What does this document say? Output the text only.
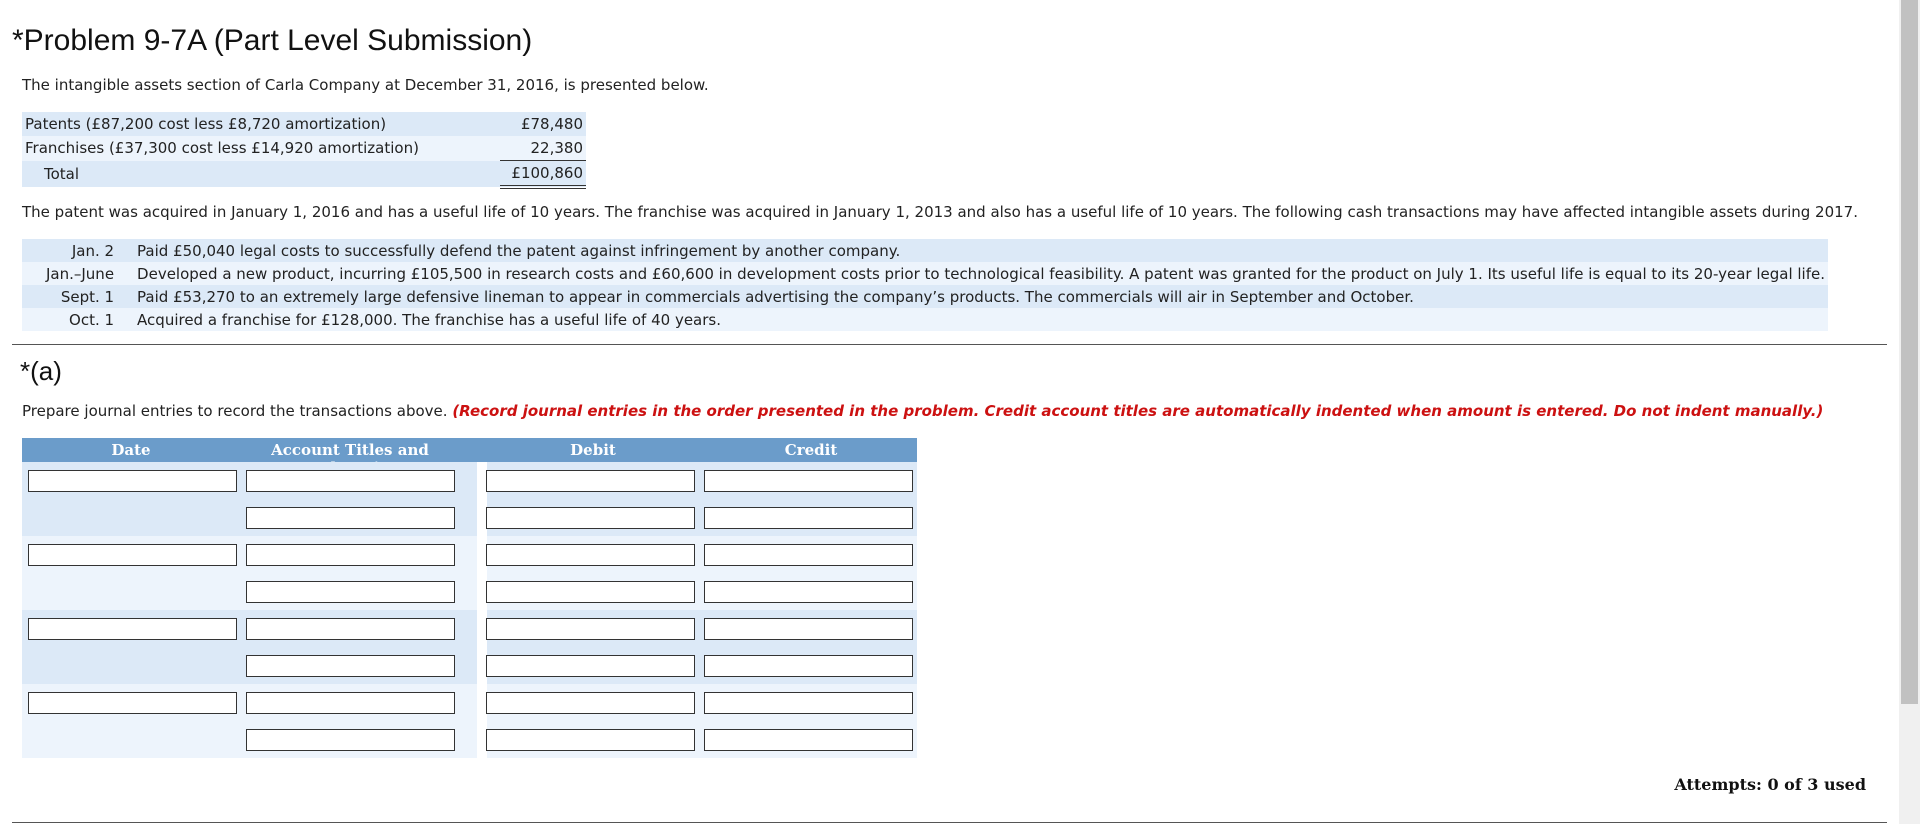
*Problem 9-7A (Part Level Submission)
The intangible assets section of Carla Company at December 31, 2016, is presented below.
Patents (£87,200 cost less £8,720 amortization)	£78,480
Franchises (£37,300 cost less £14,920 amortization)	22,380
Total	£100,860
The patent was acquired in January 1, 2016 and has a useful life of 10 years. The franchise was acquired in January 1, 2013 and also has a useful life of 10 years. The following cash transactions may have affected intangible assets during 2017.
Jan. 2	Paid £50,040 legal costs to successfully defend the patent against infringement by another company.
Jan.–June	Developed a new product, incurring £105,500 in research costs and £60,600 in development costs prior to technological feasibility. A patent was granted for the product on July 1. Its useful life is equal to its 20-year legal life.
Sept. 1	Paid £53,270 to an extremely large defensive lineman to appear in commercials advertising the company’s products. The commercials will air in September and October.
Oct. 1	Acquired a franchise for £128,000. The franchise has a useful life of 40 years.
*(a)
Prepare journal entries to record the transactions above. (Record journal entries in the order presented in the problem. Credit account titles are automatically indented when amount is entered. Do not indent manually.)
Date	Account Titles and	Debit	Credit
Attempts: 0 of 3 used
